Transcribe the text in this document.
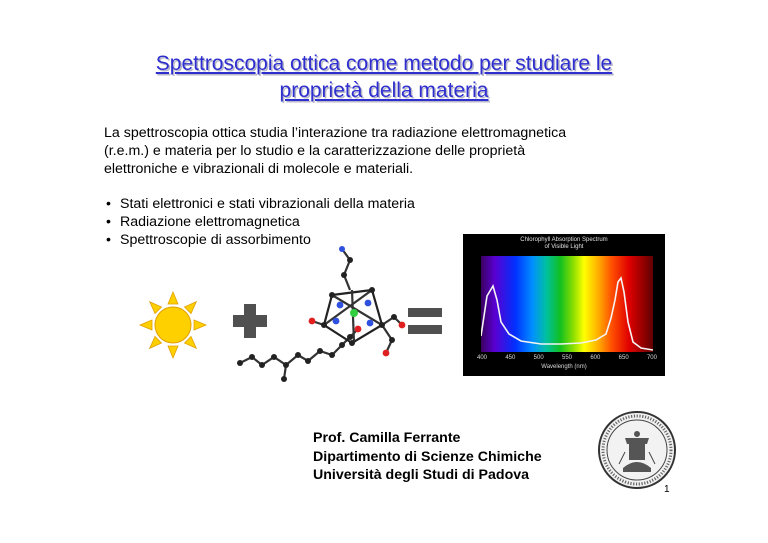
Spettroscopia ottica come metodo per studiare le
proprietà della materia
La spettroscopia ottica studia l’interazione tra radiazione elettromagnetica
(r.e.m.) e materia per lo studio e la caratterizzazione delle proprietà
elettroniche e vibrazionali di molecole e materiali.
• Stati elettronici e stati vibrazionali della materia
• Radiazione elettromagnetica
• Spettroscopie di assorbimento	Chlorophyll Absorption Spectrum
of Visible Light
400	450	500	550	600	650	700
Wavelength (nm)
Prof. Camilla Ferrante
Dipartimento di Scienze Chimiche
Università degli Studi di Padova
1
